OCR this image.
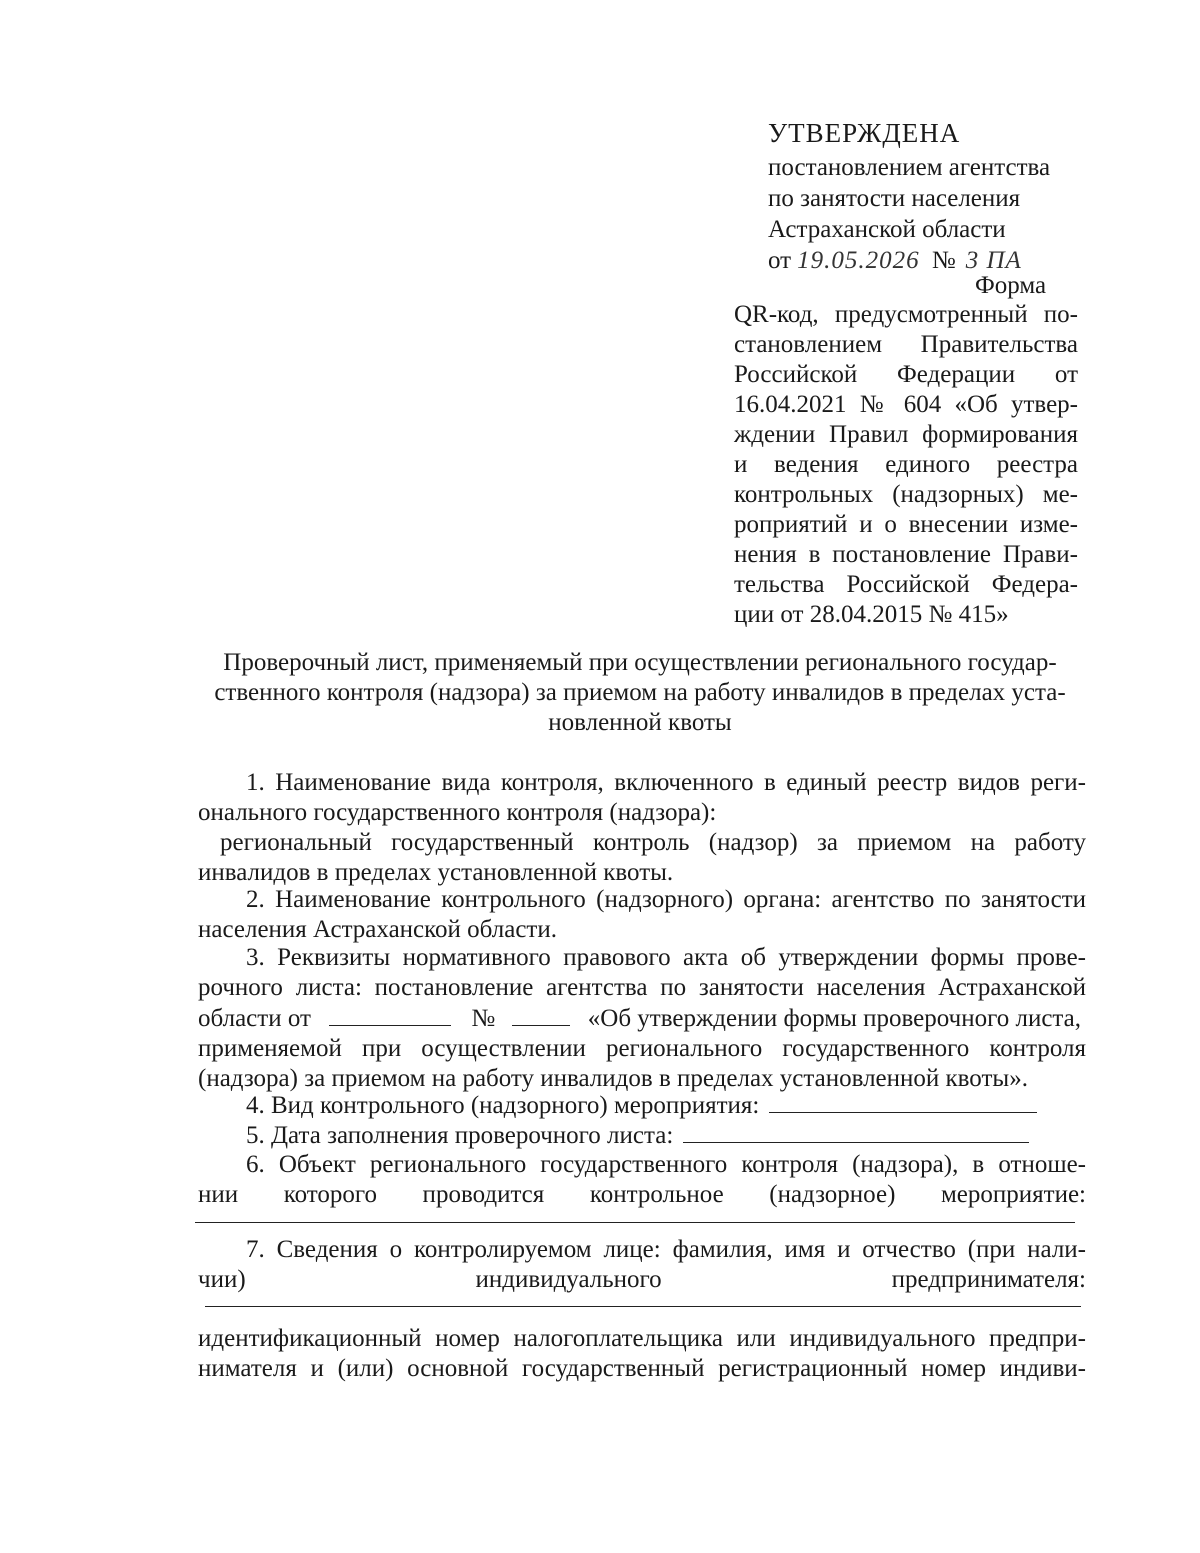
УТВЕРЖДЕНА
постановлением агентства
по занятости населения
Астраханской области
от 19.05.2026 № 3 ПА
Форма
QR-код, предусмотренный по-
становлением Правительства
Российской Федерации от
16.04.2021 № 604 «Об утвер-
ждении Правил формирования
и ведения единого реестра
контрольных (надзорных) ме-
роприятий и о внесении изме-
нения в постановление Прави-
тельства Российской Федера-
ции от 28.04.2015 № 415»
Проверочный лист, применяемый при осуществлении регионального государ-
ственного контроля (надзора) за приемом на работу инвалидов в пределах уста-
новленной квоты
1. Наименование вида контроля, включенного в единый реестр видов реги-
онального государственного контроля (надзора):
региональный государственный контроль (надзор) за приемом на работу
инвалидов в пределах установленной квоты.
2. Наименование контрольного (надзорного) органа: агентство по занятости
населения Астраханской области.
3. Реквизиты нормативного правового акта об утверждении формы прове-
рочного листа: постановление агентства по занятости населения Астраханской
области от	№	«Об утверждении формы проверочного листа,
применяемой при осуществлении регионального государственного контроля
(надзора) за приемом на работу инвалидов в пределах установленной квоты».
4. Вид контрольного (надзорного) мероприятия:
5. Дата заполнения проверочного листа:
6. Объект регионального государственного контроля (надзора), в отноше-
нии которого проводится контрольное (надзорное) мероприятие:
7. Сведения о контролируемом лице: фамилия, имя и отчество (при нали-
чии) индивидуального предпринимателя:
идентификационный номер налогоплательщика или индивидуального предпри-
нимателя и (или) основной государственный регистрационный номер индиви-
